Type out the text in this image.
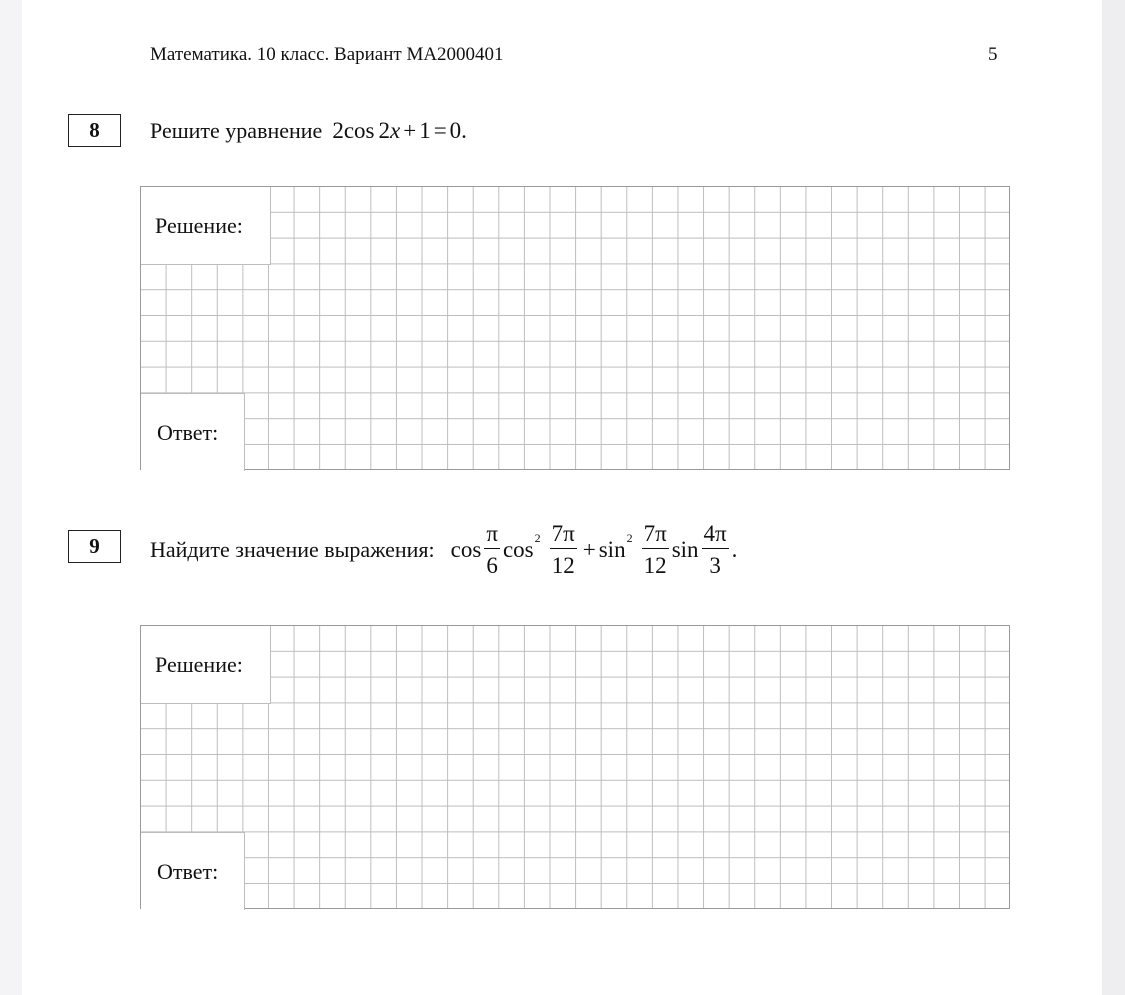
Математика. 10 класс. Вариант МА2000401	5
8	Решите уравнение 2 cos 2 x + 1 = 0 .
Решение:
Ответ:
9	Найдите значение выражения: $\cos \frac{\pi}{6}$ $\cos 2 \frac{7\pi}{12} + \sin 2 \frac{7\pi}{12}$ $\sin \frac{4\pi}{3}$ .
Решение:
Ответ:
